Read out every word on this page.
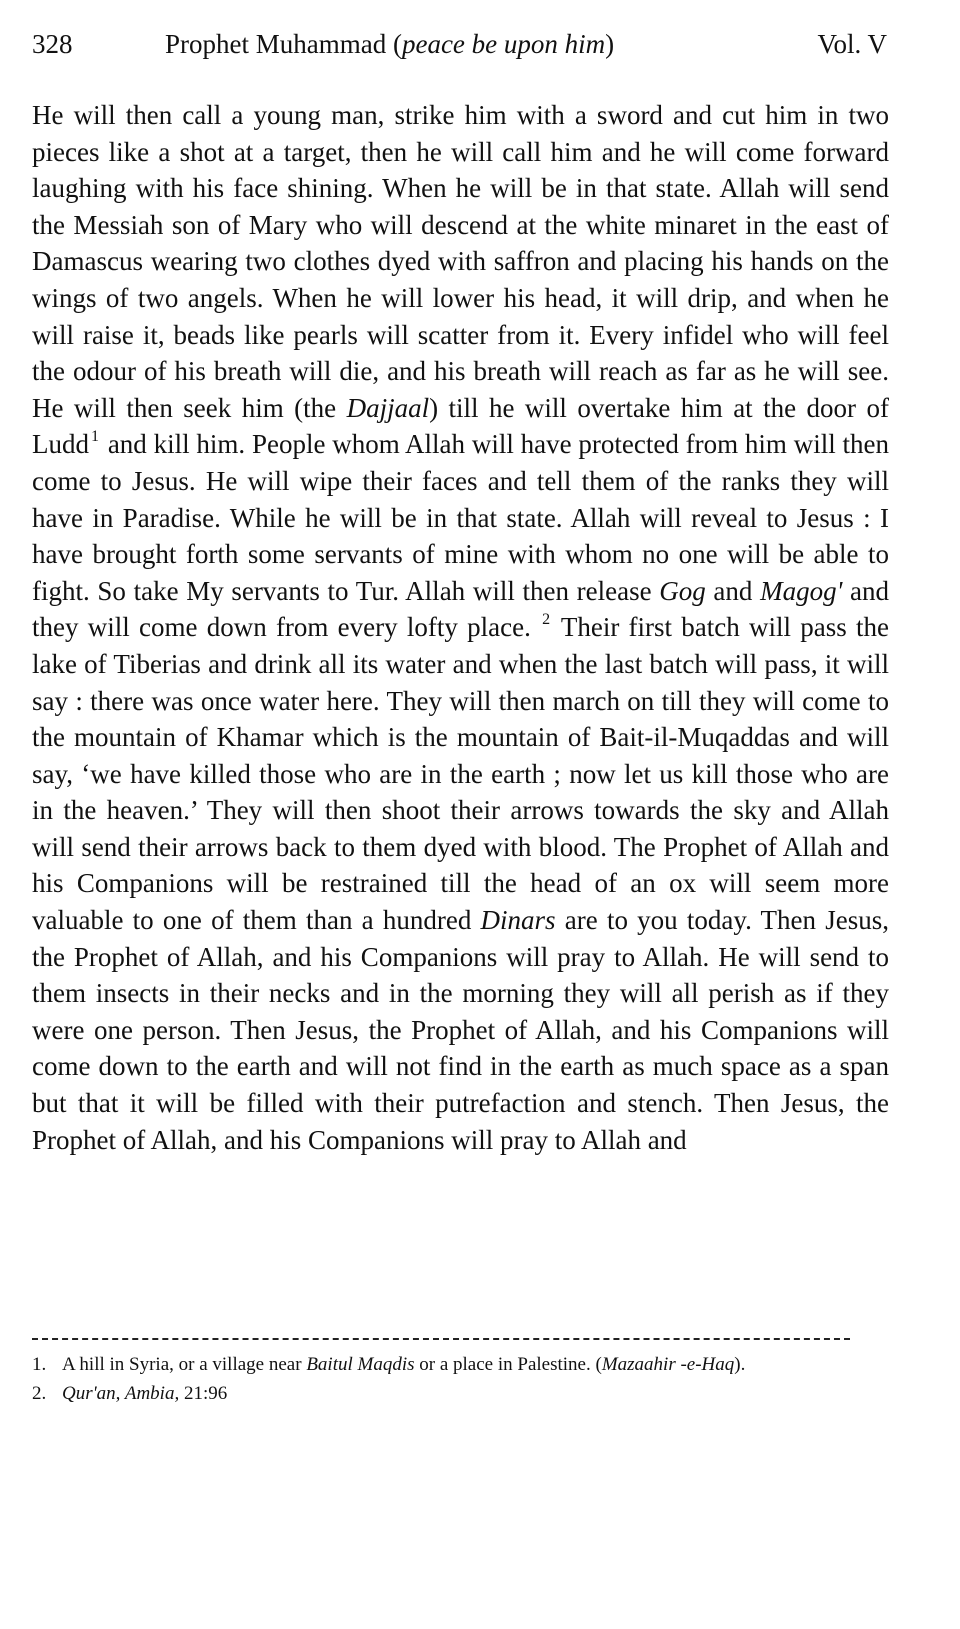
328	Prophet Muhammad (peace be upon him)	Vol. V

He will then call a young man, strike him with a sword and cut him in two pieces like a shot at a target, then he will call him and he will come forward laughing with his face shining. When he will be in that state. Allah will send the Messiah son of Mary who will descend at the white minaret in the east of Damascus wearing two clothes dyed with saffron and placing his hands on the wings of two angels. When he will lower his head, it will drip, and when he will raise it, beads like pearls will scatter from it. Every infidel who will feel the odour of his breath will die, and his breath will reach as far as he will see. He will then seek him (the Dajjaal) till he will overtake him at the door of Ludd $^1$ and kill him. People whom Allah will have protected from him will then come to Jesus. He will wipe their faces and tell them of the ranks they will have in Paradise. While he will be in that state. Allah will reveal to Jesus : I have brought forth some servants of mine with whom no one will be able to fight. So take My servants to Tur. Allah will then release Gog and Magog' and they will come down from every lofty place. $^2$ Their first batch will pass the lake of Tiberias and drink all its water and when the last batch will pass, it will say : there was once water here. They will then march on till they will come to the mountain of Khamar which is the mountain of Bait-il-Muqaddas and will say, ‘we have killed those who are in the earth ; now let us kill those who are in the heaven.’ They will then shoot their arrows towards the sky and Allah will send their arrows back to them dyed with blood. The Prophet of Allah and his Companions will be restrained till the head of an ox will seem more valuable to one of them than a hundred Dinars are to you today. Then Jesus, the Prophet of Allah, and his Companions will pray to Allah. He will send to them insects in their necks and in the morning they will all perish as if they were one person. Then Jesus, the Prophet of Allah, and his Companions will come down to the earth and will not find in the earth as much space as a span but that it will be filled with their putrefaction and stench. Then Jesus, the Prophet of Allah, and his Companions will pray to Allah and

1. A hill in Syria, or a village near Baitul Maqdis or a place in Palestine. (Mazaahir -e-Haq).

2. Qur'an, Ambia, 21:96
